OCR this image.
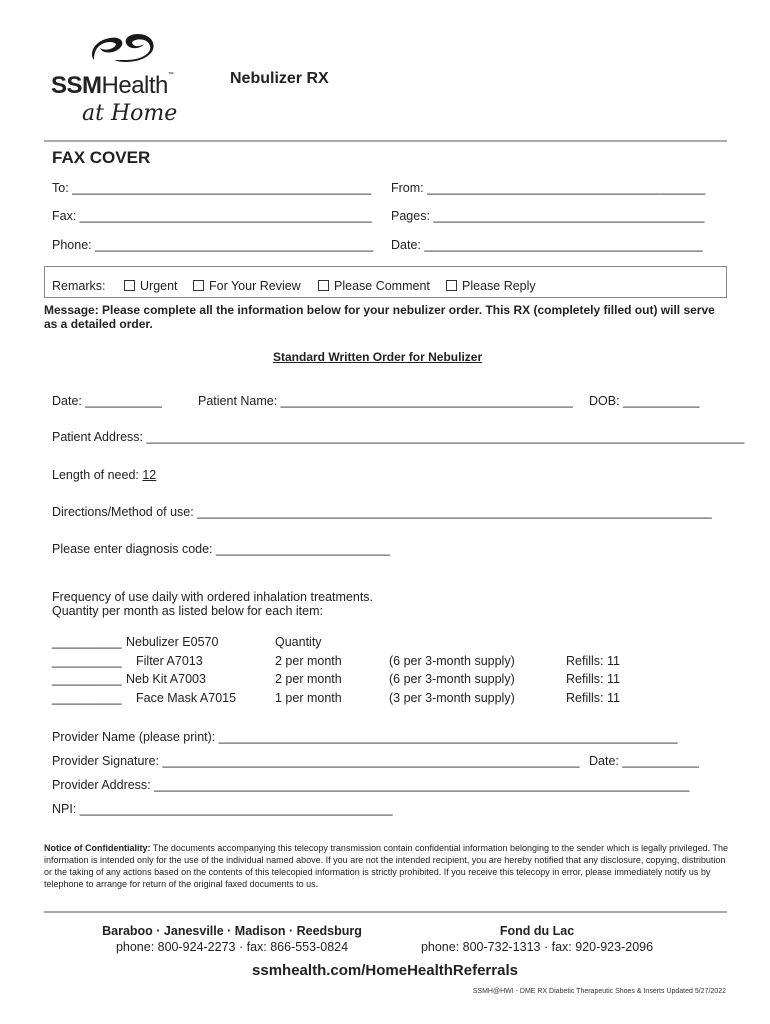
SSMHealth™
at Home
Nebulizer RX
FAX COVER
To: ___________________________________________ From: ________________________________________
Fax: __________________________________________ Pages: _______________________________________
Phone: ________________________________________ Date: ________________________________________
Remarks:	Urgent	For Your Review	Please Comment	Please Reply
Message: Please complete all the information below for your nebulizer order. This RX (completely filled out) will serve as a detailed order.
Standard Written Order for Nebulizer
Date: ___________	Patient Name: __________________________________________ DOB: ___________
Patient Address: ______________________________________________________________________________________
Length of need: 12
Directions/Method of use: __________________________________________________________________________
Please enter diagnosis code: _________________________
Frequency of use daily with ordered inhalation treatments.
Quantity per month as listed below for each item:
Quantity
__________ Nebulizer E0570
__________ Filter A7013	2 per month	(6 per 3-month supply)	Refills: 11
__________ Neb Kit A7003	2 per month	(6 per 3-month supply)	Refills: 11
__________ Face Mask A7015	1 per month	(3 per 3-month supply)	Refills: 11
Provider Name (please print): __________________________________________________________________
Provider Signature: ____________________________________________________________ Date: ___________
Provider Address: _____________________________________________________________________________
NPI: _____________________________________________
Notice of Confidentiality: The documents accompanying this telecopy transmission contain confidential information belonging to the sender which is legally privileged. The information is intended only for the use of the individual named above. If you are not the intended recipient, you are hereby notified that any disclosure, copying, distribution or the taking of any actions based on the contents of this telecopied information is strictly prohibited. If you receive this telecopy in error, please immediately notify us by telephone to arrange for return of the original faxed documents to us.
Baraboo · Janesville · Madison · Reedsburg
phone: 800-924-2273 · fax: 866-553-0824
Fond du Lac
phone: 800-732-1313 · fax: 920-923-2096
ssmhealth.com/HomeHealthReferrals
SSMH@HWI - DME RX Diabetic Therapeutic Shoes & Inserts Updated 5/27/2022
